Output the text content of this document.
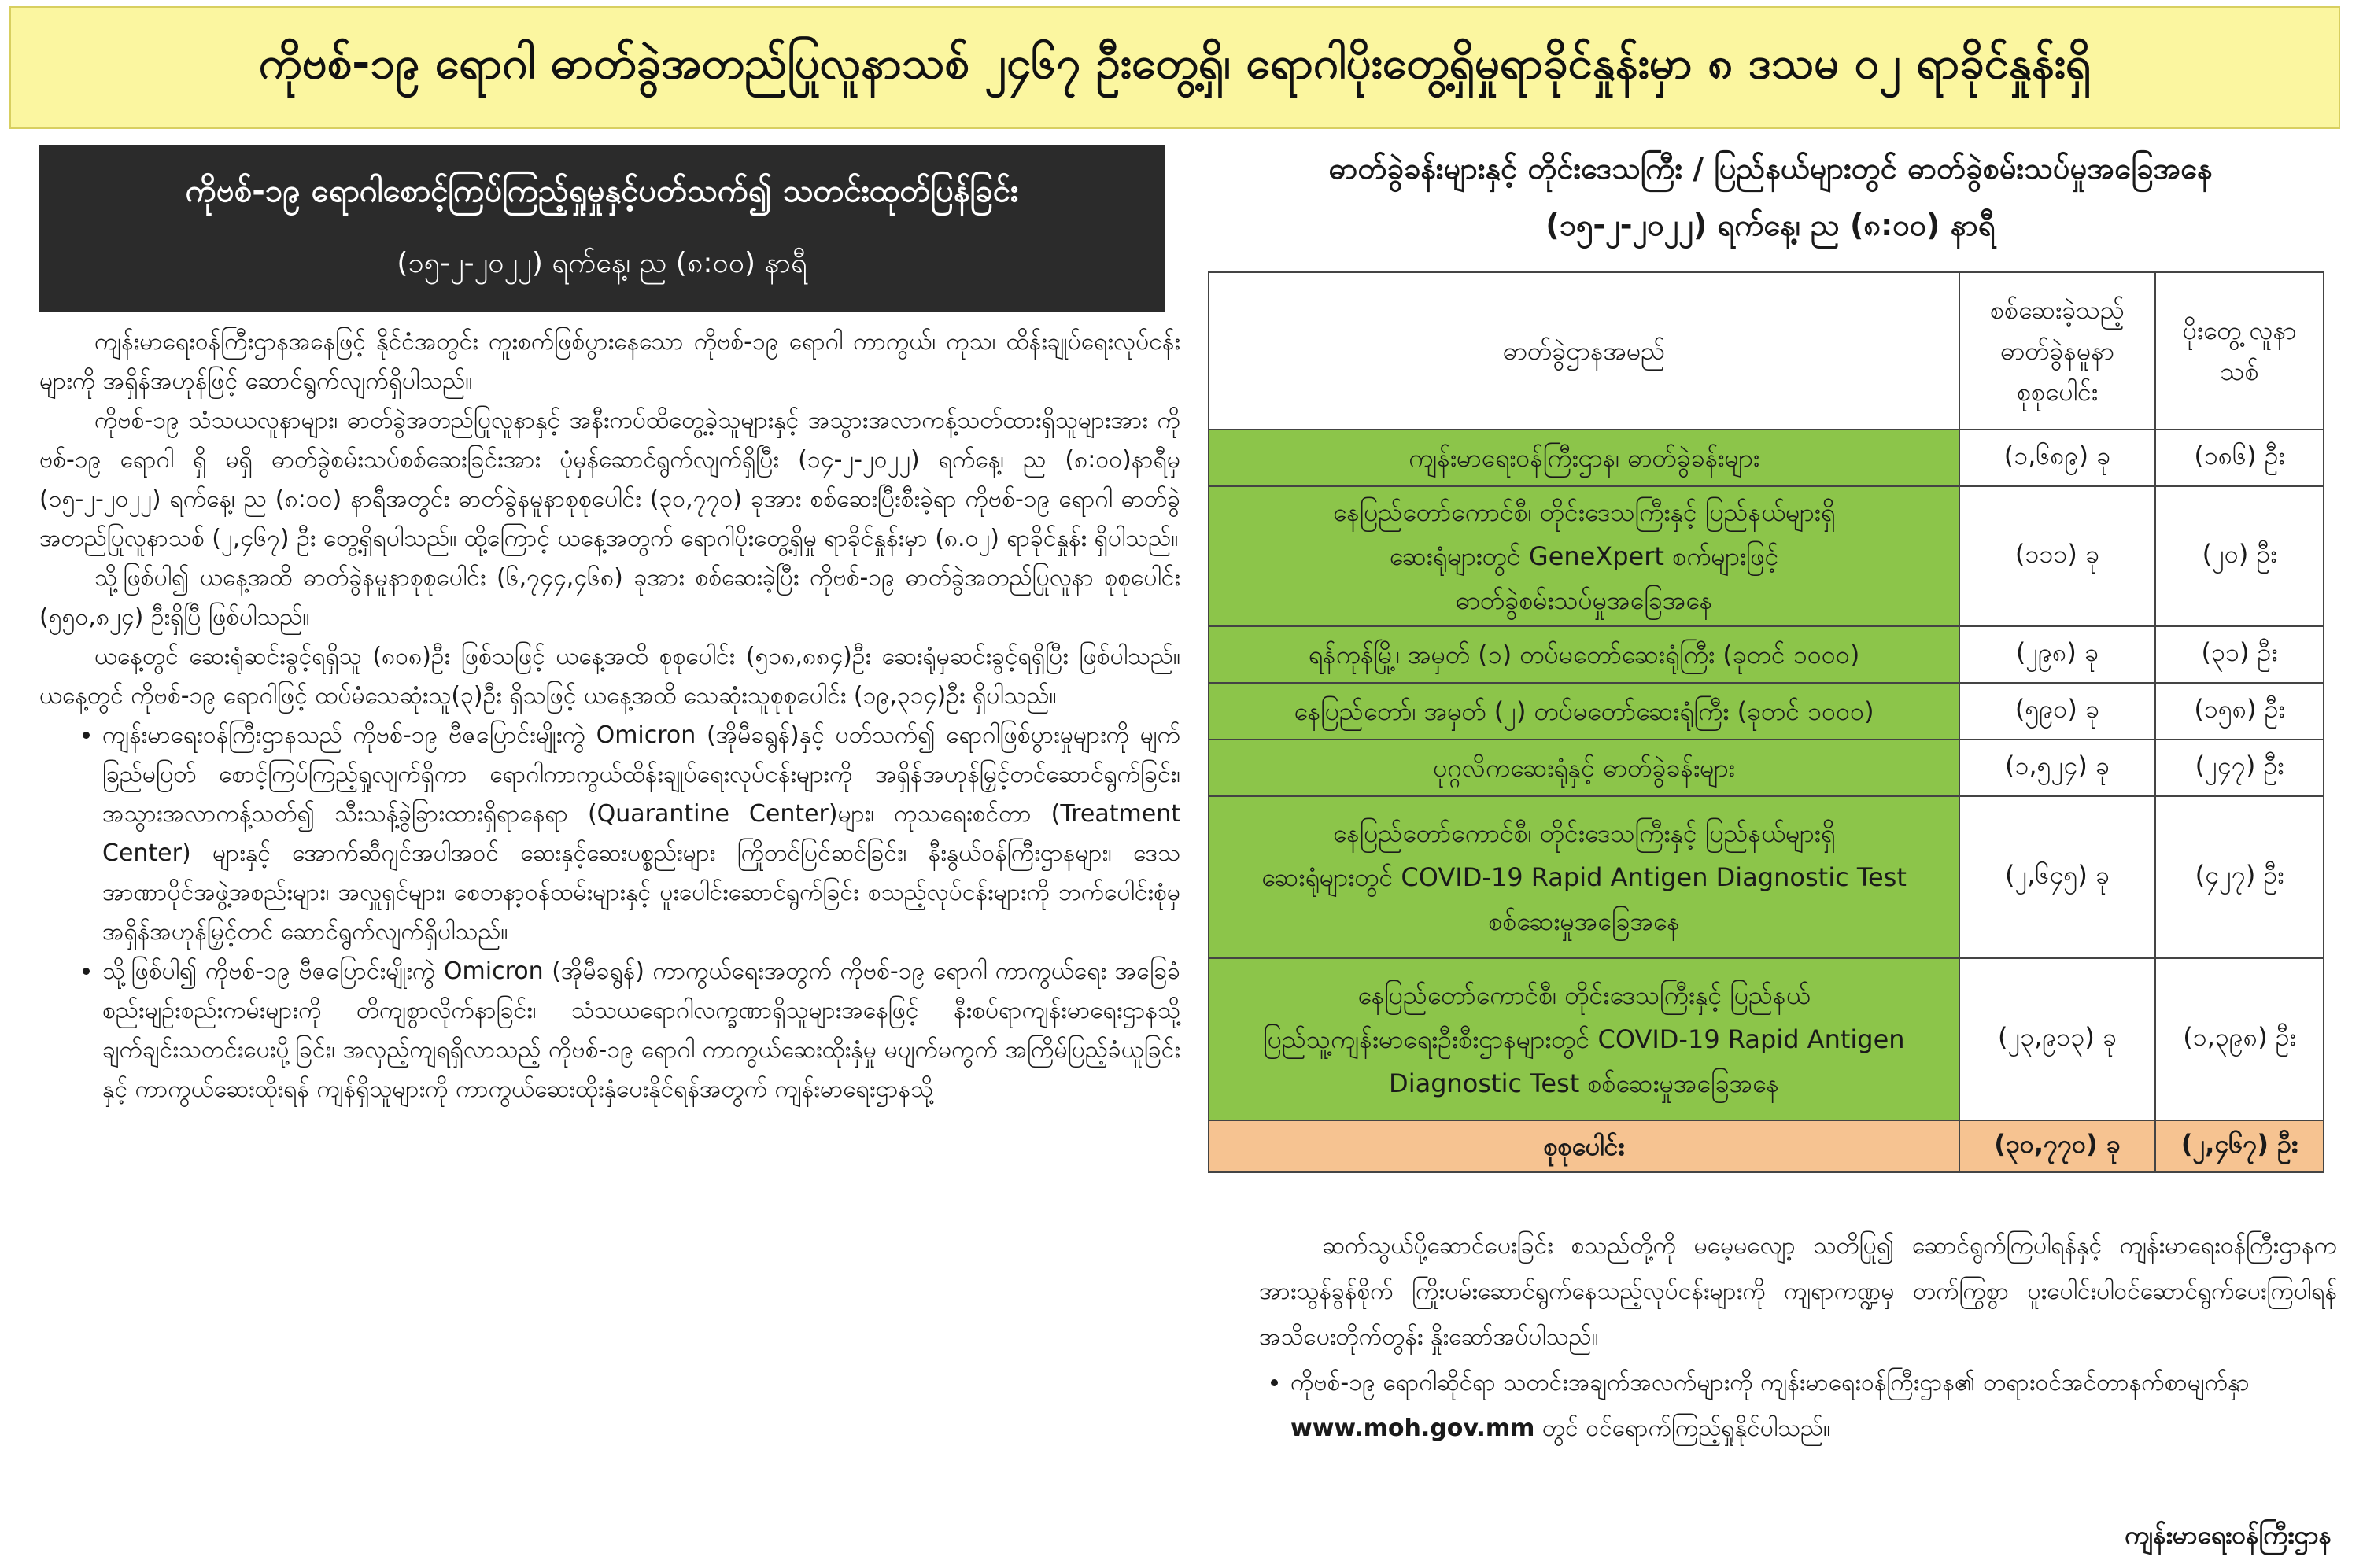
ကိုဗစ်-၁၉ ရောဂါ ဓာတ်ခွဲအတည်ပြုလူနာသစ် ၂၄၆၇ ဦးတွေ့ရှိ၊ ရောဂါပိုးတွေ့ရှိမှုရာခိုင်နှုန်းမှာ ၈ ဒသမ ၀၂ ရာခိုင်နှုန်းရှိ
ကိုဗစ်-၁၉ ရောဂါစောင့်ကြပ်ကြည့်ရှုမှုနှင့်ပတ်သက်၍ သတင်းထုတ်ပြန်ခြင်း
(၁၅-၂-၂၀၂၂) ရက်နေ့၊ ည (၈:၀၀) နာရီ

ကျန်းမာရေးဝန်ကြီးဌာနအနေဖြင့် နိုင်ငံအတွင်း ကူးစက်ဖြစ်ပွားနေသော ကိုဗစ်-၁၉ ရောဂါ ကာကွယ်၊ ကုသ၊ ထိန်းချုပ်ရေးလုပ်ငန်းများကို အရှိန်အဟုန်ဖြင့် ဆောင်ရွက်လျက်ရှိပါသည်။

ကိုဗစ်-၁၉ သံသယလူနာများ၊ ဓာတ်ခွဲအတည်ပြုလူနာနှင့် အနီးကပ်ထိတွေ့ခဲ့သူများနှင့် အသွားအလာကန့်သတ်ထားရှိသူများအား ကိုဗစ်-၁၉ ရောဂါ ရှိ မရှိ ဓာတ်ခွဲစမ်းသပ်စစ်ဆေးခြင်းအား ပုံမှန်ဆောင်ရွက်လျက်ရှိပြီး (၁၄-၂-၂၀၂၂) ရက်နေ့၊ ည (၈:၀၀)နာရီမှ (၁၅-၂-၂၀၂၂) ရက်နေ့၊ ည (၈:၀၀) နာရီအတွင်း ဓာတ်ခွဲနမူနာစုစုပေါင်း (၃၀,၇၇၀) ခုအား စစ်ဆေးပြီးစီးခဲ့ရာ ကိုဗစ်-၁၉ ရောဂါ ဓာတ်ခွဲအတည်ပြုလူနာသစ် (၂,၄၆၇) ဦး တွေ့ရှိရပါသည်။ ထို့ကြောင့် ယနေ့အတွက် ရောဂါပိုးတွေ့ရှိမှု ရာခိုင်နှုန်းမှာ (၈.၀၂) ရာခိုင်နှုန်း ရှိပါသည်။

သို့ဖြစ်ပါ၍ ယနေ့အထိ ဓာတ်ခွဲနမူနာစုစုပေါင်း (၆,၇၄၄,၄၆၈) ခုအား စစ်ဆေးခဲ့ပြီး ကိုဗစ်-၁၉ ဓာတ်ခွဲအတည်ပြုလူနာ စုစုပေါင်း (၅၅၀,၈၂၄) ဦးရှိပြီ ဖြစ်ပါသည်။

ယနေ့တွင် ဆေးရုံဆင်းခွင့်ရရှိသူ (၈၀၈)ဦး ဖြစ်သဖြင့် ယနေ့အထိ စုစုပေါင်း (၅၁၈,၈၈၄)ဦး ဆေးရုံမှဆင်းခွင့်ရရှိပြီး ဖြစ်ပါသည်။ ယနေ့တွင် ကိုဗစ်-၁၉ ရောဂါဖြင့် ထပ်မံသေဆုံးသူ(၃)ဦး ရှိသဖြင့် ယနေ့အထိ သေဆုံးသူစုစုပေါင်း (၁၉,၃၁၄)ဦး ရှိပါသည်။

• ကျန်းမာရေးဝန်ကြီးဌာနသည် ကိုဗစ်-၁၉ ဗီဇပြောင်းမျိုးကွဲ Omicron (အိုမီခရွန်)နှင့် ပတ်သက်၍ ရောဂါဖြစ်ပွားမှုများကို မျက်ခြည်မပြတ် စောင့်ကြပ်ကြည့်ရှုလျက်ရှိကာ ရောဂါကာကွယ်ထိန်းချုပ်ရေးလုပ်ငန်းများကို အရှိန်အဟုန်မြှင့်တင်ဆောင်ရွက်ခြင်း၊ အသွားအလာကန့်သတ်၍ သီးသန့်ခွဲခြားထားရှိရာနေရာ (Quarantine Center)များ၊ ကုသရေးစင်တာ (Treatment Center) များနှင့် အောက်ဆီဂျင်အပါအဝင် ဆေးနှင့်ဆေးပစ္စည်းများ ကြိုတင်ပြင်ဆင်ခြင်း၊ နီးနွယ်ဝန်ကြီးဌာနများ၊ ဒေသအာဏာပိုင်အဖွဲ့အစည်းများ၊ အလှူရှင်များ၊ စေတနာ့ဝန်ထမ်းများနှင့် ပူးပေါင်းဆောင်ရွက်ခြင်း စသည့်လုပ်ငန်းများကို ဘက်ပေါင်းစုံမှ အရှိန်အဟုန်မြှင့်တင် ဆောင်ရွက်လျက်ရှိပါသည်။
• သို့ဖြစ်ပါ၍ ကိုဗစ်-၁၉ ဗီဇပြောင်းမျိုးကွဲ Omicron (အိုမီခရွန်) ကာကွယ်ရေးအတွက် ကိုဗစ်-၁၉ ရောဂါ ကာကွယ်ရေး အခြေခံစည်းမျဉ်းစည်းကမ်းများကို တိကျစွာလိုက်နာခြင်း၊ သံသယရောဂါလက္ခဏာရှိသူများအနေဖြင့် နီးစပ်ရာကျန်းမာရေးဌာနသို့ ချက်ချင်းသတင်းပေးပို့ခြင်း၊ အလှည့်ကျရရှိလာသည့် ကိုဗစ်-၁၉ ရောဂါ ကာကွယ်ဆေးထိုးနှံမှု မပျက်မကွက် အကြိမ်ပြည့်ခံယူခြင်းနှင့် ကာကွယ်ဆေးထိုးရန် ကျန်ရှိသူများကို ကာကွယ်ဆေးထိုးနှံပေးနိုင်ရန်အတွက် ကျန်းမာရေးဌာနသို့
ဓာတ်ခွဲခန်းများနှင့် တိုင်းဒေသကြီး / ပြည်နယ်များတွင် ဓာတ်ခွဲစမ်းသပ်မှုအခြေအနေ
(၁၅-၂-၂၀၂၂) ရက်နေ့၊ ည (၈:၀၀) နာရီ
ဓာတ်ခွဲဌာနအမည်	စစ်ဆေးခဲ့သည့် ဓာတ်ခွဲနမူနာ စုစုပေါင်း	ပိုးတွေ့ လူနာသစ်

ကျန်းမာရေးဝန်ကြီးဌာန၊ ဓာတ်ခွဲခန်းများ	(၁,၆၈၉) ခု	(၁၈၆) ဦး

နေပြည်တော်ကောင်စီ၊ တိုင်းဒေသကြီးနှင့် ပြည်နယ်များရှိ
ဆေးရုံများတွင် GeneXpert စက်များဖြင့်
ဓာတ်ခွဲစမ်းသပ်မှုအခြေအနေ	(၁၁၁) ခု	(၂၀) ဦး

ရန်ကုန်မြို့၊ အမှတ် (၁) တပ်မတော်ဆေးရုံကြီး (ခုတင် ၁၀၀၀)	(၂၉၈) ခု	(၃၁) ဦး

နေပြည်တော်၊ အမှတ် (၂) တပ်မတော်ဆေးရုံကြီး (ခုတင် ၁၀၀၀)	(၅၉၀) ခု	(၁၅၈) ဦး

ပုဂ္ဂလိကဆေးရုံနှင့် ဓာတ်ခွဲခန်းများ	(၁,၅၂၄) ခု	(၂၄၇) ဦး

နေပြည်တော်ကောင်စီ၊ တိုင်းဒေသကြီးနှင့် ပြည်နယ်များရှိ
ဆေးရုံများတွင် COVID-19 Rapid Antigen Diagnostic Test
စစ်ဆေးမှုအခြေအနေ	(၂,၆၄၅) ခု	(၄၂၇) ဦး

နေပြည်တော်ကောင်စီ၊ တိုင်းဒေသကြီးနှင့် ပြည်နယ်
ပြည်သူ့ကျန်းမာရေးဦးစီးဌာနများတွင် COVID-19 Rapid Antigen
Diagnostic Test စစ်ဆေးမှုအခြေအနေ	(၂၃,၉၁၃) ခု	(၁,၃၉၈) ဦး
စုစုပေါင်း	(၃၀,၇၇၀) ခု	(၂,၄၆၇) ဦး

ဆက်သွယ်ပို့ဆောင်ပေးခြင်း စသည်တို့ကို မမေ့မလျော့ သတိပြု၍ ဆောင်ရွက်ကြပါရန်နှင့် ကျန်းမာရေးဝန်ကြီးဌာနက အားသွန်ခွန်စိုက် ကြိုးပမ်းဆောင်ရွက်နေသည့်လုပ်ငန်းများကို ကျရာကဏ္ဍမှ တက်ကြွစွာ ပူးပေါင်းပါဝင်ဆောင်ရွက်ပေးကြပါရန် အသိပေးတိုက်တွန်း နှိုးဆော်အပ်ပါသည်။

• ကိုဗစ်-၁၉ ရောဂါဆိုင်ရာ သတင်းအချက်အလက်များကို ကျန်းမာရေးဝန်ကြီးဌာန၏ တရားဝင်အင်တာနက်စာမျက်နှာ www.moh.gov.mm တွင် ဝင်ရောက်ကြည့်ရှုနိုင်ပါသည်။
ကျန်းမာရေးဝန်ကြီးဌာန
